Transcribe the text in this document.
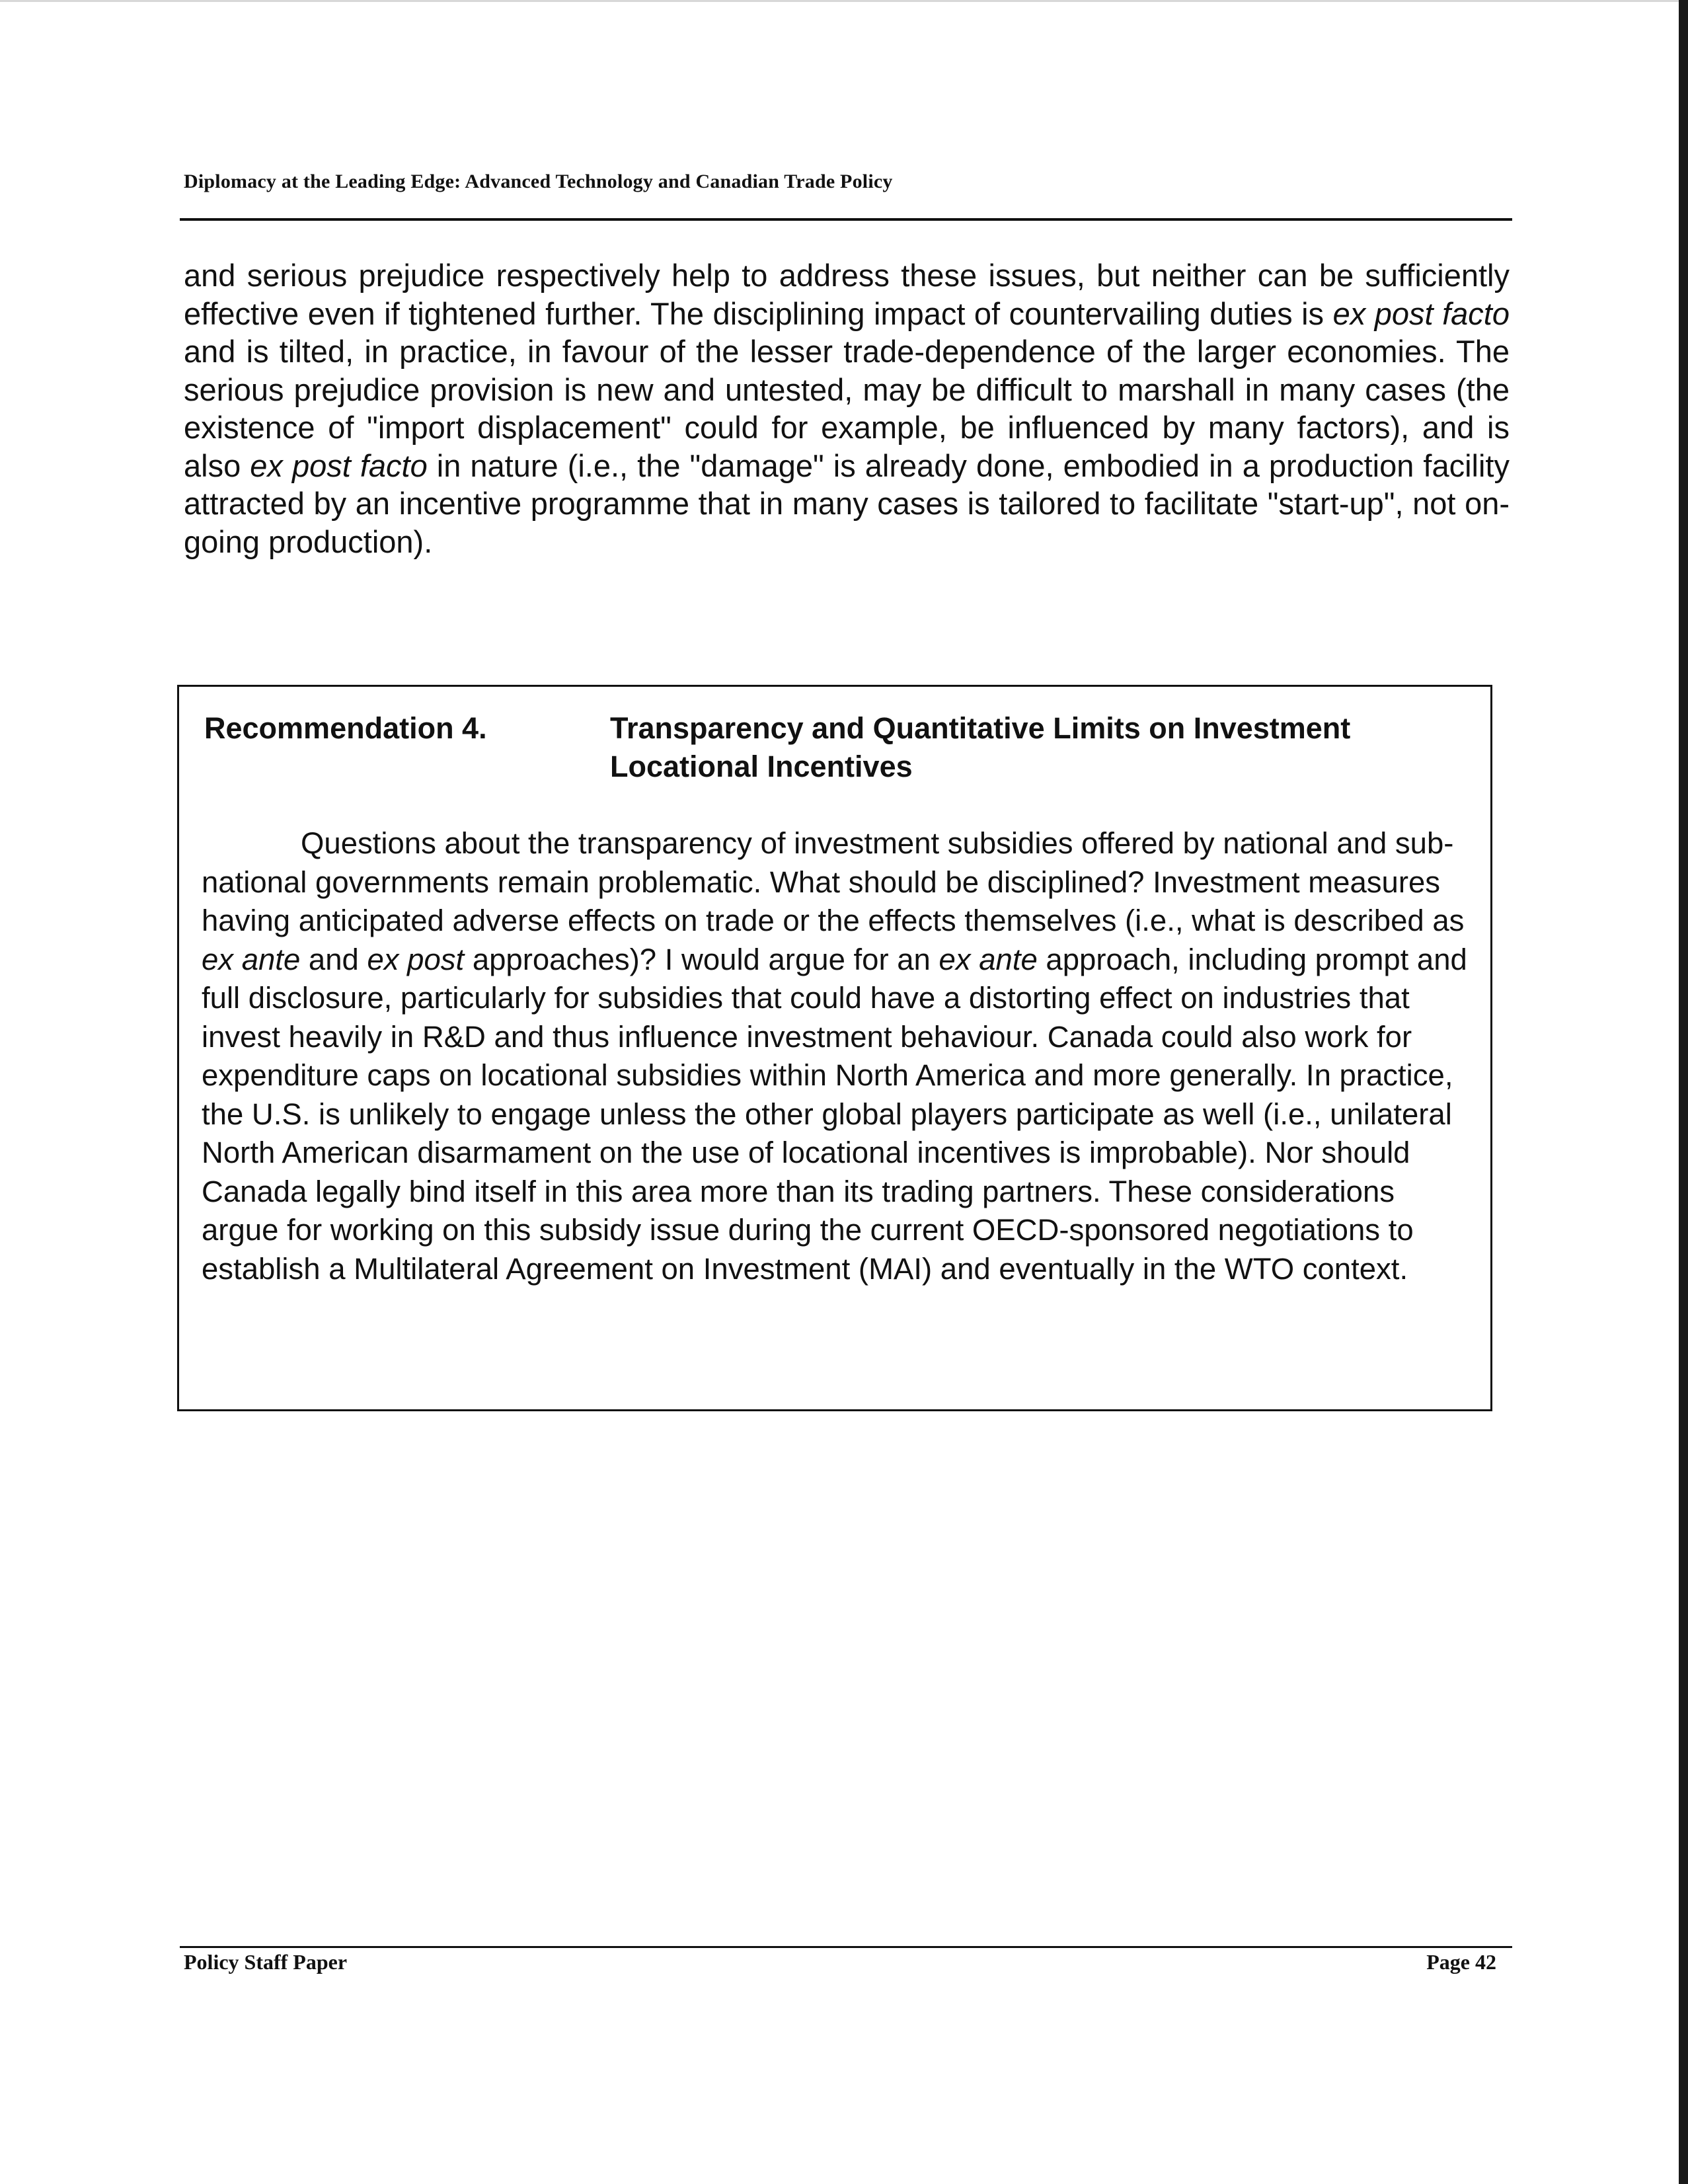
Diplomacy at the Leading Edge: Advanced Technology and Canadian Trade Policy

and serious prejudice respectively help to address these issues, but neither can be sufficiently effective even if tightened further. The disciplining impact of countervailing duties is ex post facto and is tilted, in practice, in favour of the lesser trade-dependence of the larger economies. The serious prejudice provision is new and untested, may be difficult to marshall in many cases (the existence of "import displacement" could for example, be influenced by many factors), and is also ex post facto in nature (i.e., the "damage" is already done, embodied in a production facility attracted by an incentive programme that in many cases is tailored to facilitate "start-up", not on-going production).

Recommendation 4.	Transparency and Quantitative Limits on Investment Locational Incentives

Questions about the transparency of investment subsidies offered by national and sub-national governments remain problematic. What should be disciplined? Investment measures having anticipated adverse effects on trade or the effects themselves (i.e., what is described as ex ante and ex post approaches)? I would argue for an ex ante approach, including prompt and full disclosure, particularly for subsidies that could have a distorting effect on industries that invest heavily in R&D and thus influence investment behaviour. Canada could also work for expenditure caps on locational subsidies within North America and more generally. In practice, the U.S. is unlikely to engage unless the other global players participate as well (i.e., unilateral North American disarmament on the use of locational incentives is improbable). Nor should Canada legally bind itself in this area more than its trading partners. These considerations argue for working on this subsidy issue during the current OECD-sponsored negotiations to establish a Multilateral Agreement on Investment (MAI) and eventually in the WTO context.

Policy Staff Paper	Page 42
